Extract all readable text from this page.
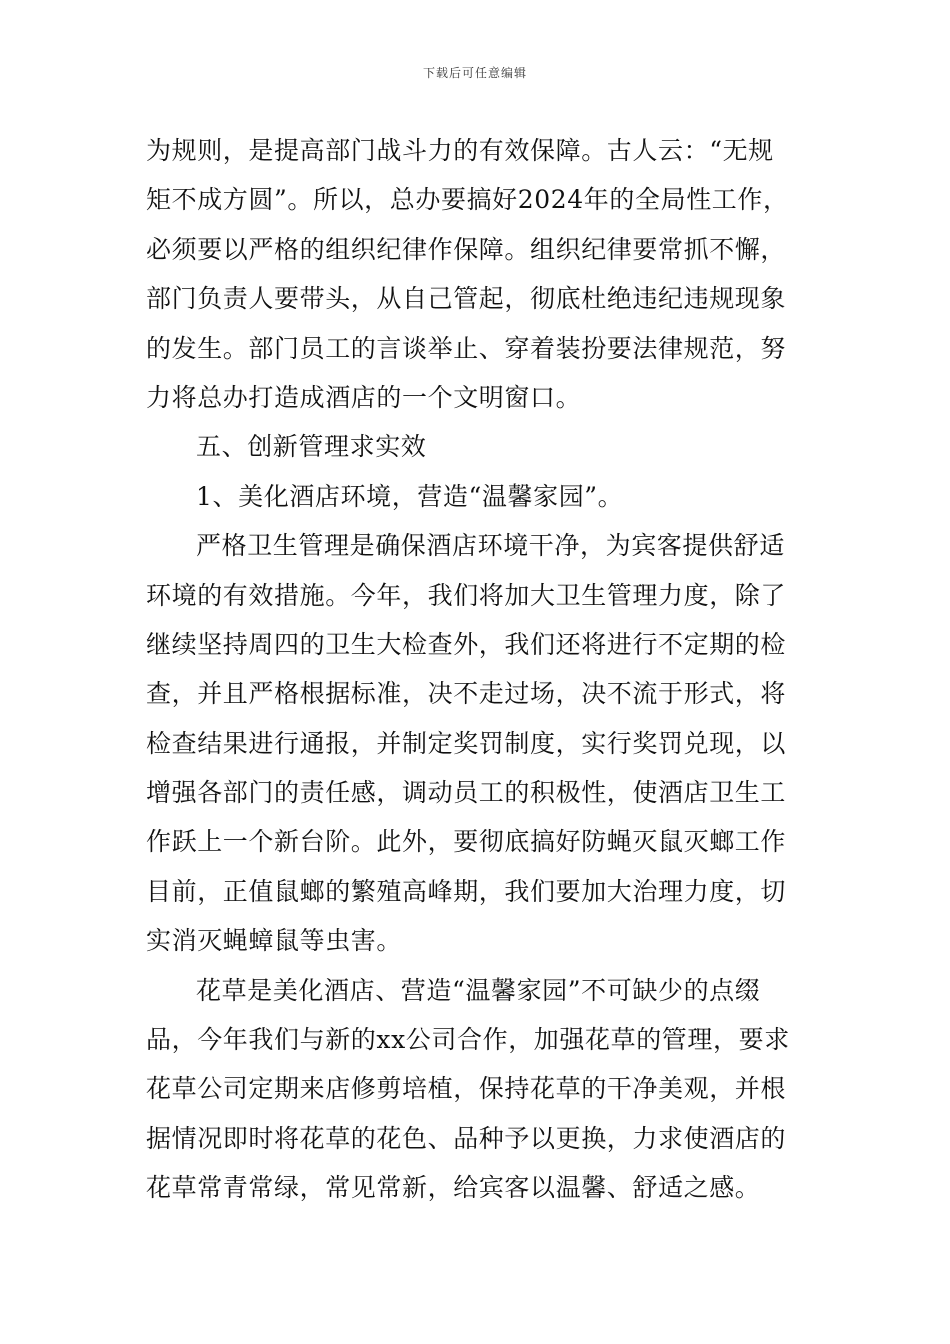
下载后可任意编辑
为规则，是提高部门战斗力的有效保障。古人云：“无规
矩不成方圆”。所以，总办要搞好2024年的全局性工作，
必须要以严格的组织纪律作保障。组织纪律要常抓不懈，
部门负责人要带头，从自己管起，彻底杜绝违纪违规现象
的发生。部门员工的言谈举止、穿着装扮要法律规范，努
力将总办打造成酒店的一个文明窗口。
五、创新管理求实效
1、美化酒店环境，营造“温馨家园”。
严格卫生管理是确保酒店环境干净，为宾客提供舒适
环境的有效措施。今年，我们将加大卫生管理力度，除了
继续坚持周四的卫生大检查外，我们还将进行不定期的检
查，并且严格根据标准，决不走过场，决不流于形式，将
检查结果进行通报，并制定奖罚制度，实行奖罚兑现，以
增强各部门的责任感，调动员工的积极性，使酒店卫生工
作跃上一个新台阶。此外，要彻底搞好防蝇灭鼠灭螂工作
目前，正值鼠螂的繁殖高峰期，我们要加大治理力度，切
实消灭蝇蟑鼠等虫害。
花草是美化酒店、营造“温馨家园”不可缺少的点缀
品，今年我们与新的xx公司合作，加强花草的管理，要求
花草公司定期来店修剪培植，保持花草的干净美观，并根
据情况即时将花草的花色、品种予以更换，力求使酒店的
花草常青常绿，常见常新，给宾客以温馨、舒适之感。
